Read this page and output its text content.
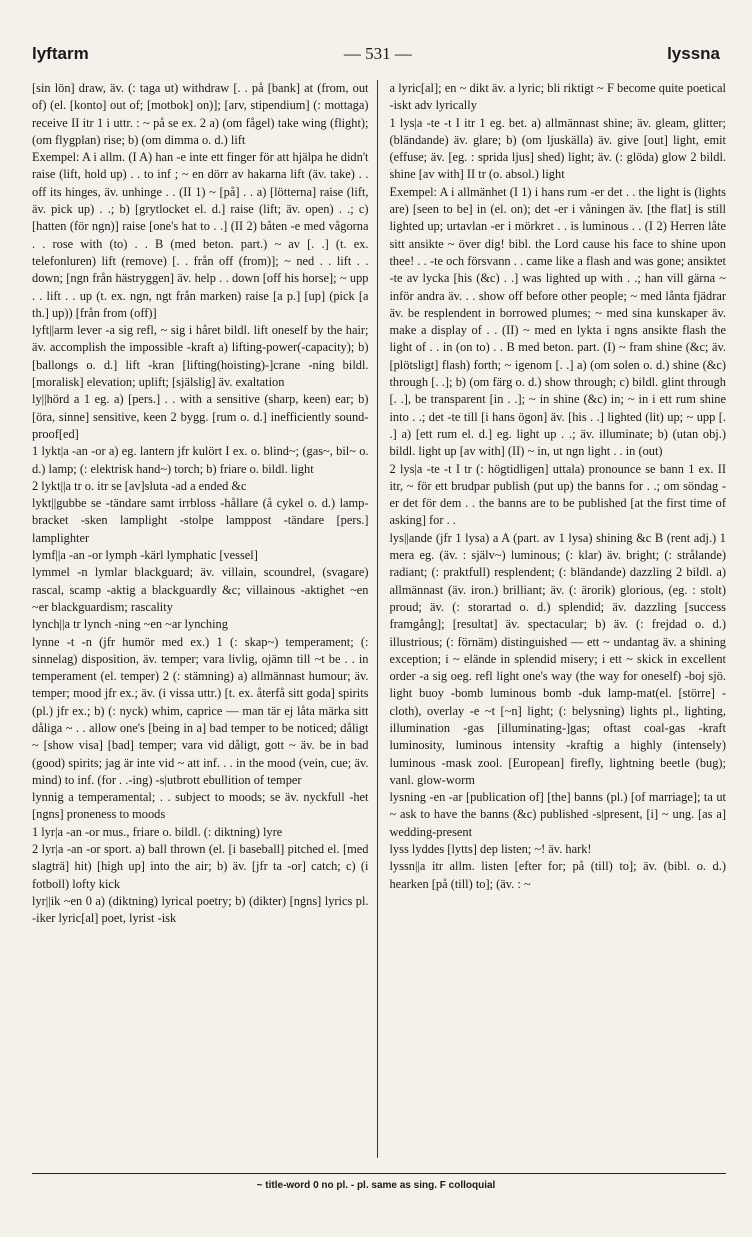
lyftarm	— 531 —	lyssna

[sin lön] draw, äv. (: taga ut) withdraw [. . på [bank] at (from, out of) (el. [konto] out of; [motbok] on)]; [arv, stipendium] (: mottaga) receive II itr 1 i uttr. : ~ på se ex. 2 a) (om fågel) take wing (flight); (om flygplan) rise; b) (om dimma o. d.) lift

Exempel: A i allm. (I A) han -e inte ett finger för att hjälpa he didn't raise (lift, hold up) . . to inf ; ~ en dörr av hakarna lift (äv. take) . . off its hinges, äv. unhinge . . (II 1) ~ [på] . . a) [lötterna] raise (lift, äv. pick up) . .; b) [grytlocket el. d.] raise (lift; äv. open) . .; c) [hatten (för ngn)] raise [one's hat to . .] (II 2) båten -e med vågorna . . rose with (to) . . B (med beton. part.) ~ av [. .] (t. ex. telefonluren) lift (remove) [. . från off (from)]; ~ ned . . lift . . down; [ngn från hästryggen] äv. help . . down [off his horse]; ~ upp . . lift . . up (t. ex. ngn, ngt från marken) raise [a p.] [up] (pick [a th.] up)) [från from (off)]

lyft||arm lever -a sig refl, ~ sig i håret bildl. lift oneself by the hair; äv. accomplish the impossible -kraft a) lifting-power(-capacity); b) [ballongs o. d.] lift -kran [lifting(hoisting)-]crane -ning bildl. [moralisk] elevation; uplift; [själslig] äv. exaltation

ly||hörd a 1 eg. a) [pers.] . . with a sensitive (sharp, keen) ear; b) [öra, sinne] sensitive, keen 2 bygg. [rum o. d.] inefficiently sound-proof[ed]

1 lykt|a -an -or a) eg. lantern jfr kulört I ex. o. blind~; (gas~, bil~ o. d.) lamp; (: elektrisk hand~) torch; b) friare o. bildl. light

2 lykt||a tr o. itr se [av]sluta -ad a ended &c

lykt||gubbe se -tändare samt irrbloss -hållare (å cykel o. d.) lamp-bracket -sken lamplight -stolpe lamppost -tändare [pers.] lamplighter

lymf||a -an -or lymph -kärl lymphatic [vessel]

lymmel -n lymlar blackguard; äv. villain, scoundrel, (svagare) rascal, scamp -aktig a blackguardly &c; villainous -aktighet ~en ~er blackguardism; rascality

lynch||a tr lynch -ning ~en ~ar lynching

lynne -t -n (jfr humör med ex.) 1 (: skap~) temperament; (: sinnelag) disposition, äv. temper; vara livlig, ojämn till ~t be . . in temperament (el. temper) 2 (: stämning) a) allmännast humour; äv. temper; mood jfr ex.; äv. (i vissa uttr.) [t. ex. återfå sitt goda] spirits (pl.) jfr ex.; b) (: nyck) whim, caprice — man tär ej låta märka sitt dåliga ~ . . allow one's [being in a] bad temper to be noticed; dåligt ~ [show visa] [bad] temper; vara vid dåligt, gott ~ äv. be in bad (good) spirits; jag är inte vid ~ att inf. . . in the mood (vein, cue; äv. mind) to inf. (for . .-ing) -s|utbrott ebullition of temper

lynnig a temperamental; . . subject to moods; se äv. nyckfull -het [ngns] proneness to moods

1 lyr|a -an -or mus., friare o. bildl. (: diktning) lyre

2 lyr|a -an -or sport. a) ball thrown (el. [i baseball] pitched el. [med slagträ] hit) [high up] into the air; b) äv. [jfr ta -or] catch; c) (i fotboll) lofty kick

lyr||ik ~en 0 a) (diktning) lyrical poetry; b) (dikter) [ngns] lyrics pl. -iker lyric[al] poet, lyrist -isk

a lyric[al]; en ~ dikt äv. a lyric; bli riktigt ~ F become quite poetical -iskt adv lyrically

1 lys|a -te -t I itr 1 eg. bet. a) allmännast shine; äv. gleam, glitter; (bländande) äv. glare; b) (om ljuskälla) äv. give [out] light, emit (effuse; äv. [eg. : sprida ljus] shed) light; äv. (: glöda) glow 2 bildl. shine [av with] II tr (o. absol.) light

Exempel: A i allmänhet (I 1) i hans rum -er det . . the light is (lights are) [seen to be] in (el. on); det -er i våningen äv. [the flat] is still lighted up; urtavlan -er i mörkret . . is luminous . . (I 2) Herren låte sitt ansikte ~ över dig! bibl. the Lord cause his face to shine upon thee! . . -te och försvann . . came like a flash and was gone; ansiktet -te av lycka [his (&c) . .] was lighted up with . .; han vill gärna ~ inför andra äv. . . show off before other people; ~ med lånta fjädrar äv. be resplendent in borrowed plumes; ~ med sina kunskaper äv. make a display of . . (II) ~ med en lykta i ngns ansikte flash the light of . . in (on to) . . B med beton. part. (I) ~ fram shine (&c; äv. [plötsligt] flash) forth; ~ igenom [. .] a) (om solen o. d.) shine (&c) through [. .]; b) (om färg o. d.) show through; c) bildl. glint through [. .], be transparent [in . .]; ~ in shine (&c) in; ~ in i ett rum shine into . .; det -te till [i hans ögon] äv. [his . .] lighted (lit) up; ~ upp [. .] a) [ett rum el. d.] eg. light up . .; äv. illuminate; b) (utan obj.) bildl. light up [av with] (II) ~ in, ut ngn light . . in (out)

2 lys|a -te -t I tr (: högtidligen] uttala) pronounce se bann 1 ex. II itr, ~ för ett brudpar publish (put up) the banns for . .; om söndag -er det för dem . . the banns are to be published [at the first time of asking] for . .

lys||ande (jfr 1 lysa) a A (part. av 1 lysa) shining &c B (rent adj.) 1 mera eg. (äv. : själv~) luminous; (: klar) äv. bright; (: strålande) radiant; (: praktfull) resplendent; (: bländande) dazzling 2 bildl. a) allmännast (äv. iron.) brilliant; äv. (: ärorik) glorious, (eg. : stolt) proud; äv. (: storartad o. d.) splendid; äv. dazzling [success framgång]; [resultat] äv. spectacular; b) äv. (: frejdad o. d.) illustrious; (: förnäm) distinguished — ett ~ undantag äv. a shining exception; i ~ elände in splendid misery; i ett ~ skick in excellent order -a sig oeg. refl light one's way (the way for oneself) -boj sjö. light buoy -bomb luminous bomb -duk lamp-mat(el. [större] -cloth), overlay -e ~t [~n] light; (: belysning) lights pl., lighting, illumination -gas [illuminating-]gas; oftast coal-gas -kraft luminosity, luminous intensity -kraftig a highly (intensely) luminous -mask zool. [European] firefly, lightning beetle (bug); vanl. glow-worm

lysning -en -ar [publication of] [the] banns (pl.) [of marriage]; ta ut ~ ask to have the banns (&c) published -s|present, [i] ~ ung. [as a] wedding-present

lyss lyddes [lytts] dep listen; ~! äv. hark!

lyssn||a itr allm. listen [efter for; på (till) to]; äv. (bibl. o. d.) hearken [på (till) to]; (äv. : ~

~ title-word 0 no pl. - pl. same as sing. F colloquial
